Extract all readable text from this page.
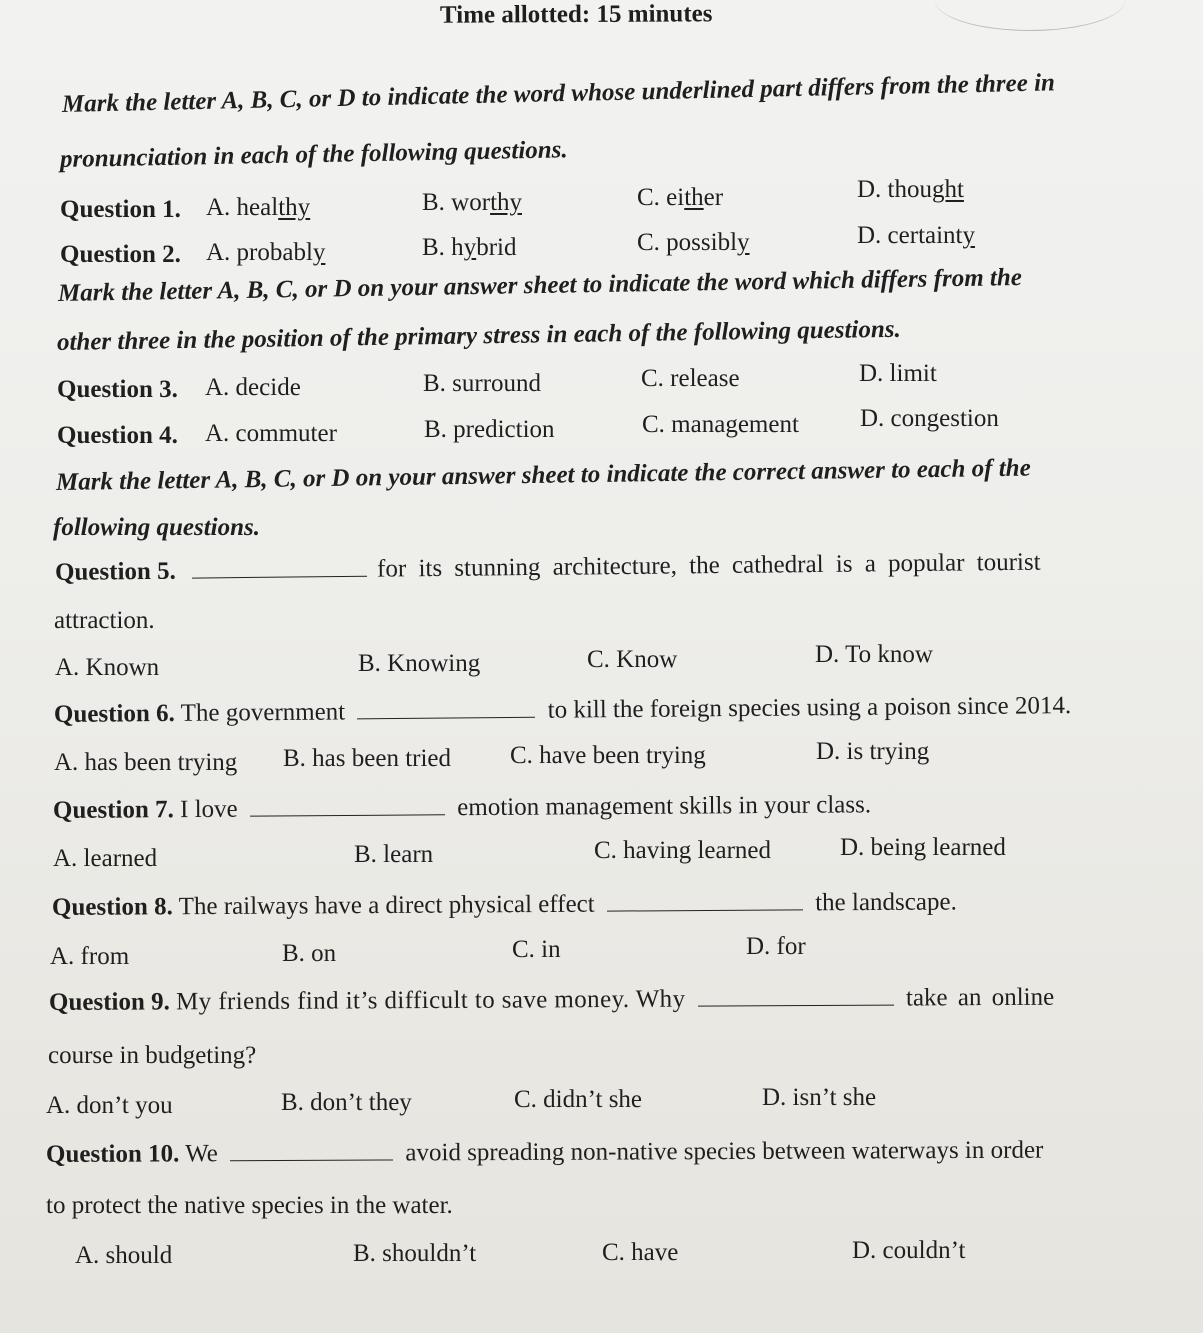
Time allotted: 15 minutes
Mark the letter A, B, C, or D to indicate the word whose underlined part differs from the three in
pronunciation in each of the following questions.
Question 1. A. healthy	B. worthy	C. either	D. thought
Question 2. A. probably	B. hybrid	C. possibly	D. certainty
Mark the letter A, B, C, or D on your answer sheet to indicate the word which differs from the
other three in the position of the primary stress in each of the following questions.
Question 3. A. decide	B. surround	C. release	D. limit
Question 4. A. commuter	B. prediction	C. management D. congestion
Mark the letter A, B, C, or D on your answer sheet to indicate the correct answer to each of the
following questions.
Question 5.	for its stunning architecture, the cathedral is a popular tourist
attraction.
A. Known	B. Knowing	C. Know	D. To know
Question 6. The government	to kill the foreign species using a poison since 2014.
A. has been trying B. has been tried C. have been trying	D. is trying
Question 7. I love	emotion management skills in your class.
A. learned	B. learn	C. having learned	D. being learned
Question 8. The railways have a direct physical effect	the landscape.
A. from	B. on	C. in	D. for
Question 9. My friends find it’s difficult to save money. Why	take an online
course in budgeting?
A. don’t you	B. don’t they	C. didn’t she	D. isn’t she
Question 10. We	avoid spreading non-native species between waterways in order
to protect the native species in the water.
A. should	B. shouldn’t	C. have	D. couldn’t
